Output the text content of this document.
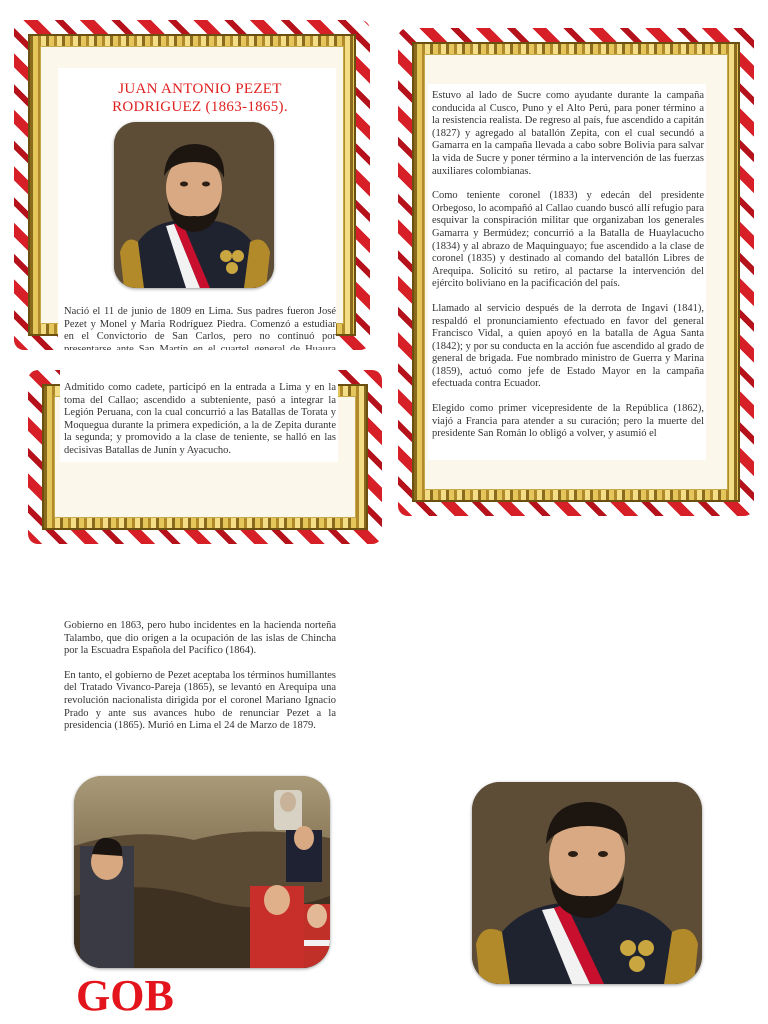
JUAN ANTONIO PEZET
RODRIGUEZ (1863-1865).
Nació el 11 de junio de 1809 en Lima. Sus padres fueron José Pezet y Monel y Maria Rodríguez Piedra. Comenzó a estudiar en el Convictorio de San Carlos, pero no continuó por
Admitido como cadete, participó en la entrada a Lima y en la toma del Callao; ascendido a subteniente, pasó a integrar la Legión Peruana, con la cual concurrió a las Batallas de Torata y Moquegua durante la primera expedición, a la de Zepita durante la segunda; y promovido a la clase de teniente, se halló en las decisivas Batallas de Junín y Ayacucho.

Estuvo al lado de Sucre como ayudante durante la campaña conducida al Cusco, Puno y el Alto Perú, para poner término a la resistencia realista. De regreso al país, fue ascendido a capitán (1827) y agregado al batallón Zepita, con el cual secundó a Gamarra en la campaña llevada a cabo sobre Bolivia para salvar la vida de Sucre y poner término a la intervención de las fuerzas auxiliares colombianas.

Como teniente coronel (1833) y edecán del presidente Orbegoso, lo acompañó al Callao cuando buscó allí refugio para esquivar la conspiración militar que organizaban los generales Gamarra y Bermúdez; concurrió a la Batalla de Huaylacucho (1834) y al abrazo de Maquinguayo; fue ascendido a la clase de coronel (1835) y destinado al comando del batallón Libres de Arequipa. Solicitó su retiro, al pactarse la intervención del ejército boliviano en la pacificación del país.

Llamado al servicio después de la derrota de Ingavi (1841), respaldó el pronunciamiento efectuado en favor del general Francisco Vidal, a quien apoyó en la batalla de Agua Santa (1842); y por su conducta en la acción fue ascendido al grado de general de brigada. Fue nombrado ministro de Guerra y Marina (1859), actuó como jefe de Estado Mayor en la campaña efectuada contra Ecuador.

Elegido como primer vicepresidente de la República (1862), viajó a Francia para atender a su curación; pero la muerte del presidente San Román lo obligó a volver, y asumió el

Gobierno en 1863, pero hubo incidentes en la hacienda norteña Talambo, que dio origen a la ocupación de las islas de Chincha por la Escuadra Española del Pacífico (1864).

En tanto, el gobierno de Pezet aceptaba los términos humillantes del Tratado Vivanco-Pareja (1865), se levantó en Arequipa una revolución nacionalista dirigida por el coronel Mariano Ignacio Prado y ante sus avances hubo de renunciar Pezet a la presidencia (1865). Murió en Lima el 24 de Marzo de 1879.

GOB
